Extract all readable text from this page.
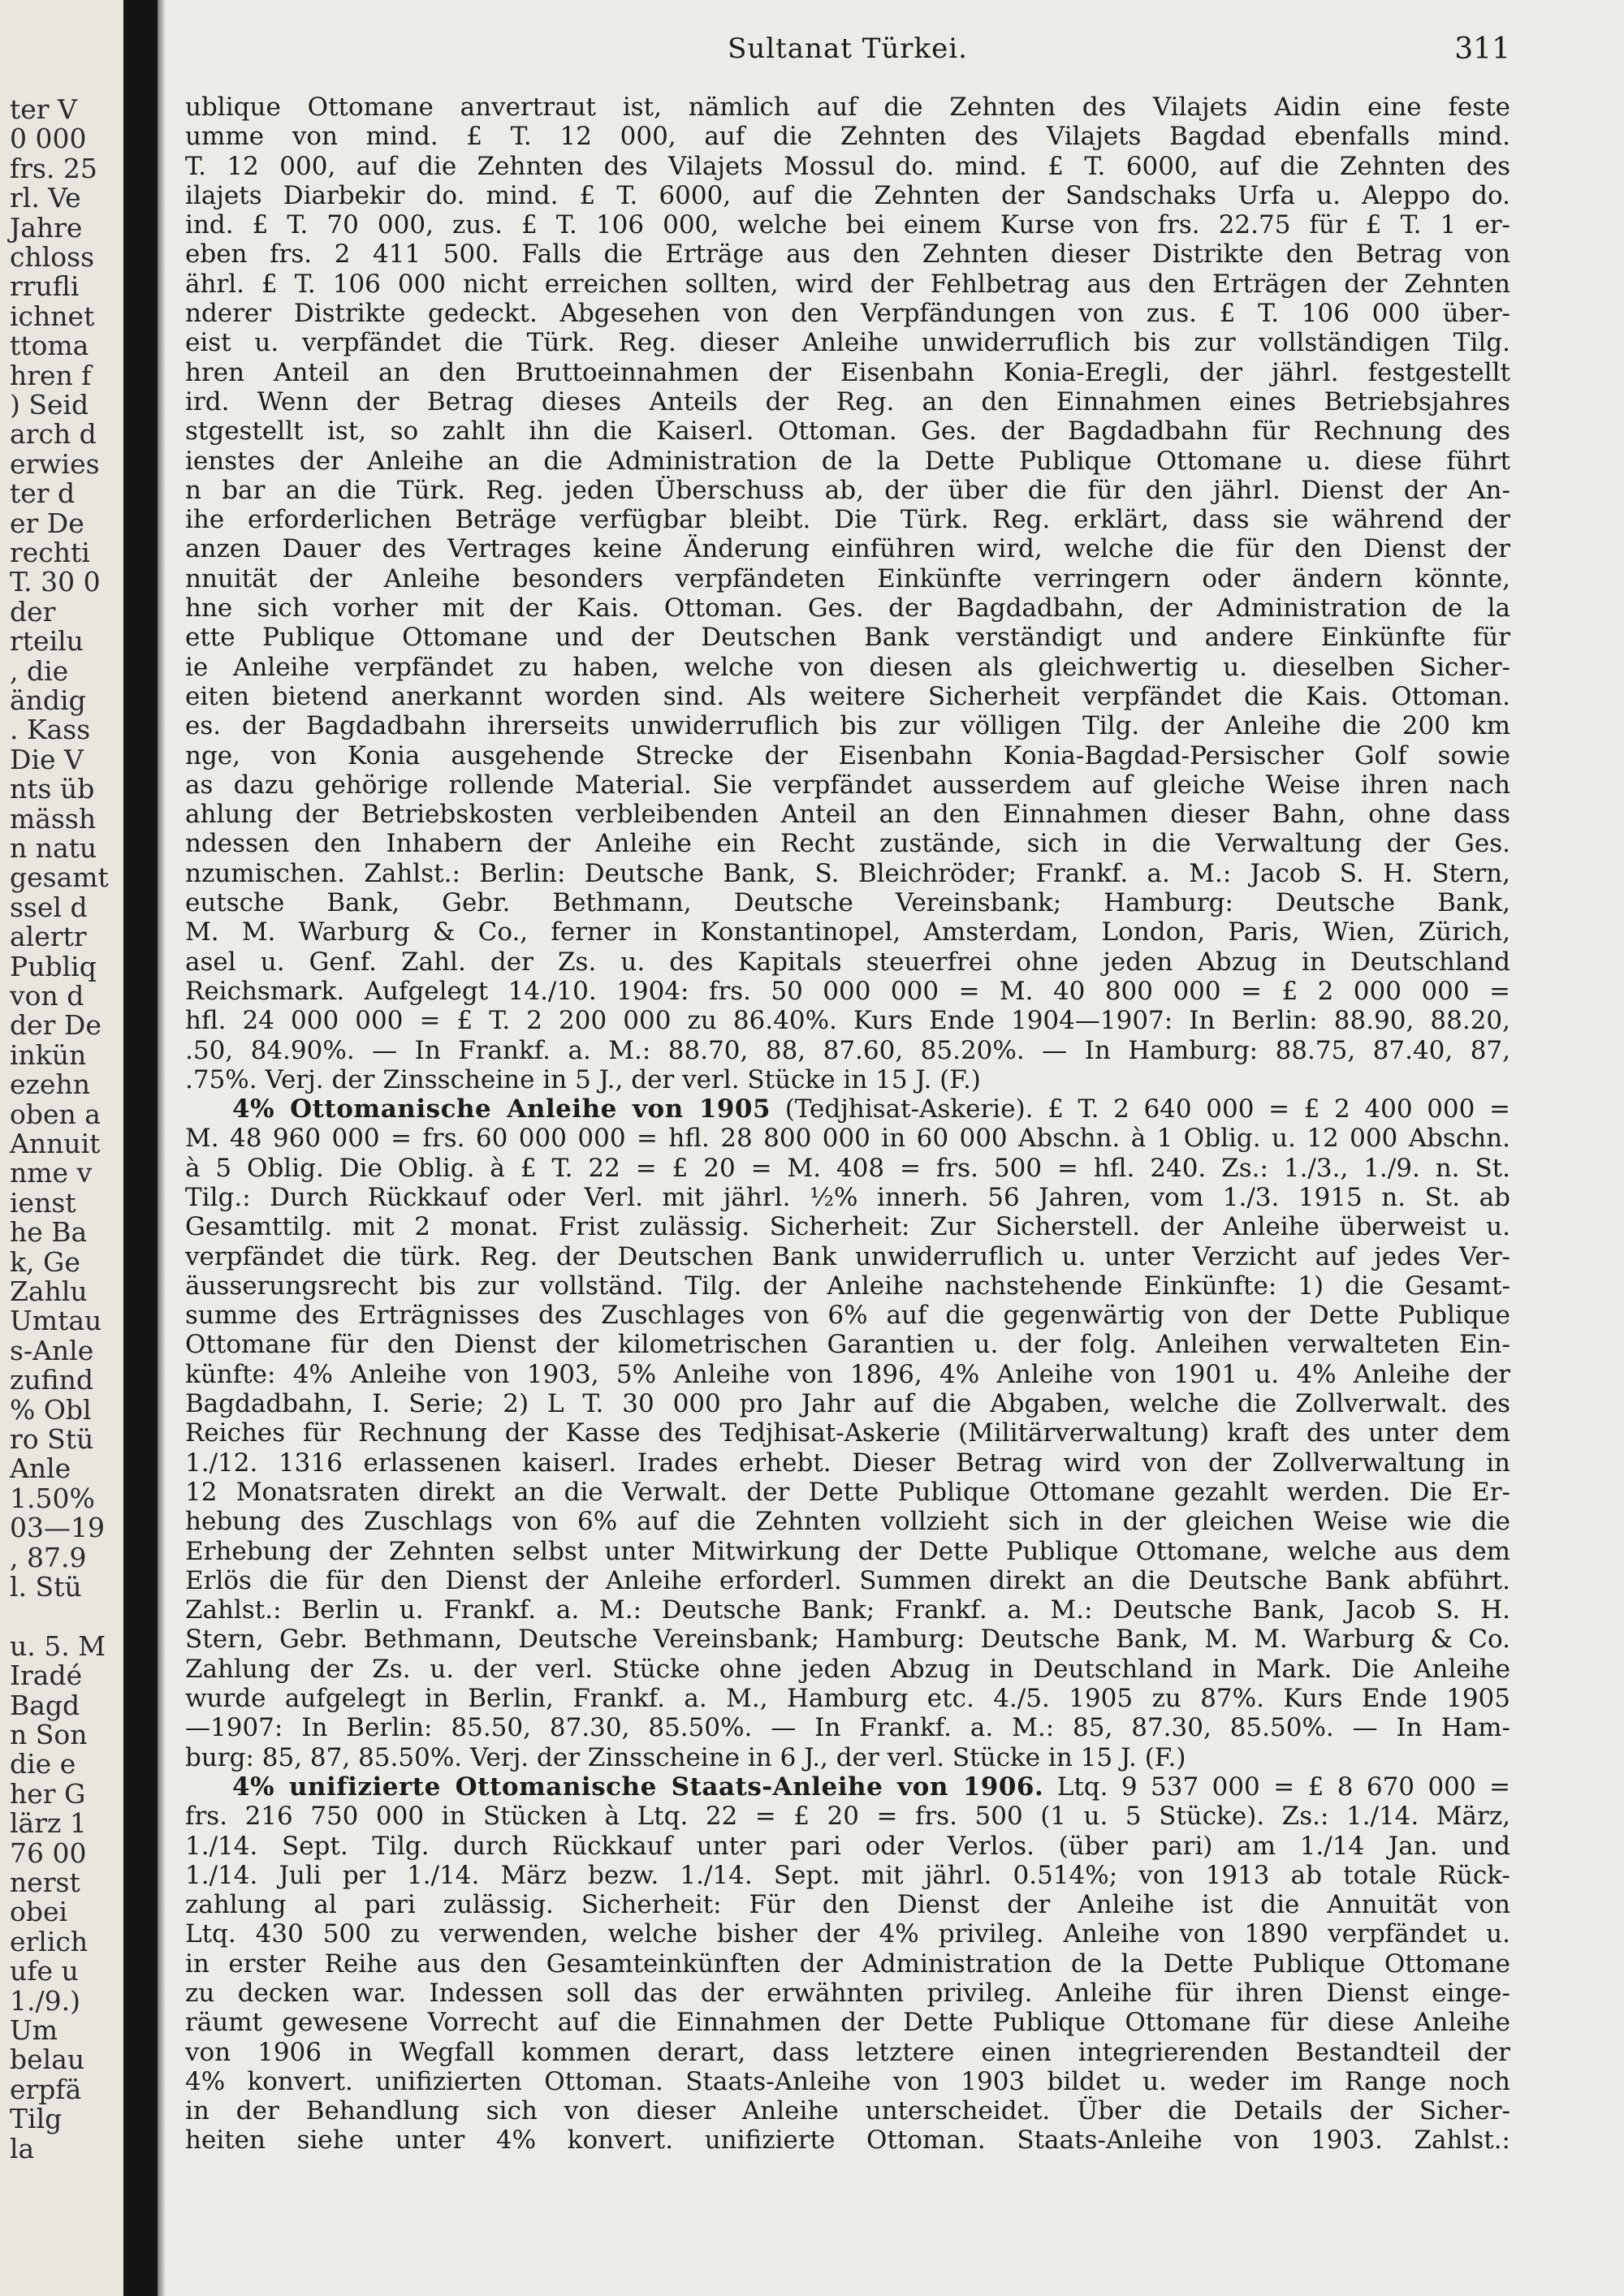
ter V
0 000
frs. 25
rl. Ve
Jahre
chloss
rrufli
ichnet
ttoma
hren f
) Seid
arch d
erwies
ter d
er De
rechti
T. 30 0
der
rteilu
, die
ändig
. Kass
Die V
nts üb
mässh
n natu
gesamt
ssel d
alertr
Publiq
von d
der De
inkün
ezehn
oben a
Annuit
nme v
ienst
he Ba
k, Ge
Zahlu
Umtau
s-Anle
zufind
% Obl
ro Stü
Anle
1.50%
03—19
, 87.9
l. Stü
u. 5. M
Iradé
Bagd
n Son
die e
her G
lärz 1
76 00
nerst
obei
erlich
ufe u
1./9.)
Um
belau
erpfä
Tilg
la
Sultanat Türkei.	311
ublique Ottomane anvertraut ist, nämlich auf die Zehnten des Vilajets Aidin eine feste
umme von mind. £ T. 12 000, auf die Zehnten des Vilajets Bagdad ebenfalls mind.
T. 12 000, auf die Zehnten des Vilajets Mossul do. mind. £ T. 6000, auf die Zehnten des
ilajets Diarbekir do. mind. £ T. 6000, auf die Zehnten der Sandschaks Urfa u. Aleppo do.
ind. £ T. 70 000, zus. £ T. 106 000, welche bei einem Kurse von frs. 22.75 für £ T. 1 er-
eben frs. 2 411 500. Falls die Erträge aus den Zehnten dieser Distrikte den Betrag von
ährl. £ T. 106 000 nicht erreichen sollten, wird der Fehlbetrag aus den Erträgen der Zehnten
nderer Distrikte gedeckt. Abgesehen von den Verpfändungen von zus. £ T. 106 000 über-
eist u. verpfändet die Türk. Reg. dieser Anleihe unwiderruflich bis zur vollständigen Tilg.
hren Anteil an den Bruttoeinnahmen der Eisenbahn Konia-Eregli, der jährl. festgestellt
ird. Wenn der Betrag dieses Anteils der Reg. an den Einnahmen eines Betriebsjahres
stgestellt ist, so zahlt ihn die Kaiserl. Ottoman. Ges. der Bagdadbahn für Rechnung des
ienstes der Anleihe an die Administration de la Dette Publique Ottomane u. diese führt
n bar an die Türk. Reg. jeden Überschuss ab, der über die für den jährl. Dienst der An-
ihe erforderlichen Beträge verfügbar bleibt. Die Türk. Reg. erklärt, dass sie während der
anzen Dauer des Vertrages keine Änderung einführen wird, welche die für den Dienst der
nnuität der Anleihe besonders verpfändeten Einkünfte verringern oder ändern könnte,
hne sich vorher mit der Kais. Ottoman. Ges. der Bagdadbahn, der Administration de la
ette Publique Ottomane und der Deutschen Bank verständigt und andere Einkünfte für
ie Anleihe verpfändet zu haben, welche von diesen als gleichwertig u. dieselben Sicher-
eiten bietend anerkannt worden sind. Als weitere Sicherheit verpfändet die Kais. Ottoman.
es. der Bagdadbahn ihrerseits unwiderruflich bis zur völligen Tilg. der Anleihe die 200 km
nge, von Konia ausgehende Strecke der Eisenbahn Konia-Bagdad-Persischer Golf sowie
as dazu gehörige rollende Material. Sie verpfändet ausserdem auf gleiche Weise ihren nach
ahlung der Betriebskosten verbleibenden Anteil an den Einnahmen dieser Bahn, ohne dass
ndessen den Inhabern der Anleihe ein Recht zustände, sich in die Verwaltung der Ges.
nzumischen. Zahlst.: Berlin: Deutsche Bank, S. Bleichröder; Frankf. a. M.: Jacob S. H. Stern,
eutsche Bank, Gebr. Bethmann, Deutsche Vereinsbank; Hamburg: Deutsche Bank,
M. M. Warburg & Co., ferner in Konstantinopel, Amsterdam, London, Paris, Wien, Zürich,
asel u. Genf. Zahl. der Zs. u. des Kapitals steuerfrei ohne jeden Abzug in Deutschland
Reichsmark. Aufgelegt 14./10. 1904: frs. 50 000 000 = M. 40 800 000 = £ 2 000 000 =
hfl. 24 000 000 = £ T. 2 200 000 zu 86.40%. Kurs Ende 1904—1907: In Berlin: 88.90, 88.20,
.50, 84.90%. — In Frankf. a. M.: 88.70, 88, 87.60, 85.20%. — In Hamburg: 88.75, 87.40, 87,
.75%. Verj. der Zinsscheine in 5 J., der verl. Stücke in 15 J. (F.)
4% Ottomanische Anleihe von 1905 (Tedjhisat-Askerie). £ T. 2 640 000 = £ 2 400 000 =
M. 48 960 000 = frs. 60 000 000 = hfl. 28 800 000 in 60 000 Abschn. à 1 Oblig. u. 12 000 Abschn.
à 5 Oblig. Die Oblig. à £ T. 22 = £ 20 = M. 408 = frs. 500 = hfl. 240. Zs.: 1./3., 1./9. n. St.
Tilg.: Durch Rückkauf oder Verl. mit jährl. ½% innerh. 56 Jahren, vom 1./3. 1915 n. St. ab
Gesamttilg. mit 2 monat. Frist zulässig. Sicherheit: Zur Sicherstell. der Anleihe überweist u.
verpfändet die türk. Reg. der Deutschen Bank unwiderruflich u. unter Verzicht auf jedes Ver-
äusserungsrecht bis zur vollständ. Tilg. der Anleihe nachstehende Einkünfte: 1) die Gesamt-
summe des Erträgnisses des Zuschlages von 6% auf die gegenwärtig von der Dette Publique
Ottomane für den Dienst der kilometrischen Garantien u. der folg. Anleihen verwalteten Ein-
künfte: 4% Anleihe von 1903, 5% Anleihe von 1896, 4% Anleihe von 1901 u. 4% Anleihe der
Bagdadbahn, I. Serie; 2) L T. 30 000 pro Jahr auf die Abgaben, welche die Zollverwalt. des
Reiches für Rechnung der Kasse des Tedjhisat-Askerie (Militärverwaltung) kraft des unter dem
1./12. 1316 erlassenen kaiserl. Irades erhebt. Dieser Betrag wird von der Zollverwaltung in
12 Monatsraten direkt an die Verwalt. der Dette Publique Ottomane gezahlt werden. Die Er-
hebung des Zuschlags von 6% auf die Zehnten vollzieht sich in der gleichen Weise wie die
Erhebung der Zehnten selbst unter Mitwirkung der Dette Publique Ottomane, welche aus dem
Erlös die für den Dienst der Anleihe erforderl. Summen direkt an die Deutsche Bank abführt.
Zahlst.: Berlin u. Frankf. a. M.: Deutsche Bank; Frankf. a. M.: Deutsche Bank, Jacob S. H.
Stern, Gebr. Bethmann, Deutsche Vereinsbank; Hamburg: Deutsche Bank, M. M. Warburg & Co.
Zahlung der Zs. u. der verl. Stücke ohne jeden Abzug in Deutschland in Mark. Die Anleihe
wurde aufgelegt in Berlin, Frankf. a. M., Hamburg etc. 4./5. 1905 zu 87%. Kurs Ende 1905
—1907: In Berlin: 85.50, 87.30, 85.50%. — In Frankf. a. M.: 85, 87.30, 85.50%. — In Ham-
burg: 85, 87, 85.50%. Verj. der Zinsscheine in 6 J., der verl. Stücke in 15 J. (F.)
4% unifizierte Ottomanische Staats-Anleihe von 1906. Ltq. 9 537 000 = £ 8 670 000 =
frs. 216 750 000 in Stücken à Ltq. 22 = £ 20 = frs. 500 (1 u. 5 Stücke). Zs.: 1./14. März,
1./14. Sept. Tilg. durch Rückkauf unter pari oder Verlos. (über pari) am 1./14 Jan. und
1./14. Juli per 1./14. März bezw. 1./14. Sept. mit jährl. 0.514%; von 1913 ab totale Rück-
zahlung al pari zulässig. Sicherheit: Für den Dienst der Anleihe ist die Annuität von
Ltq. 430 500 zu verwenden, welche bisher der 4% privileg. Anleihe von 1890 verpfändet u.
in erster Reihe aus den Gesamteinkünften der Administration de la Dette Publique Ottomane
zu decken war. Indessen soll das der erwähnten privileg. Anleihe für ihren Dienst einge-
räumt gewesene Vorrecht auf die Einnahmen der Dette Publique Ottomane für diese Anleihe
von 1906 in Wegfall kommen derart, dass letztere einen integrierenden Bestandteil der
4% konvert. unifizierten Ottoman. Staats-Anleihe von 1903 bildet u. weder im Range noch
in der Behandlung sich von dieser Anleihe unterscheidet. Über die Details der Sicher-
heiten siehe unter 4% konvert. unifizierte Ottoman. Staats-Anleihe von 1903. Zahlst.:
